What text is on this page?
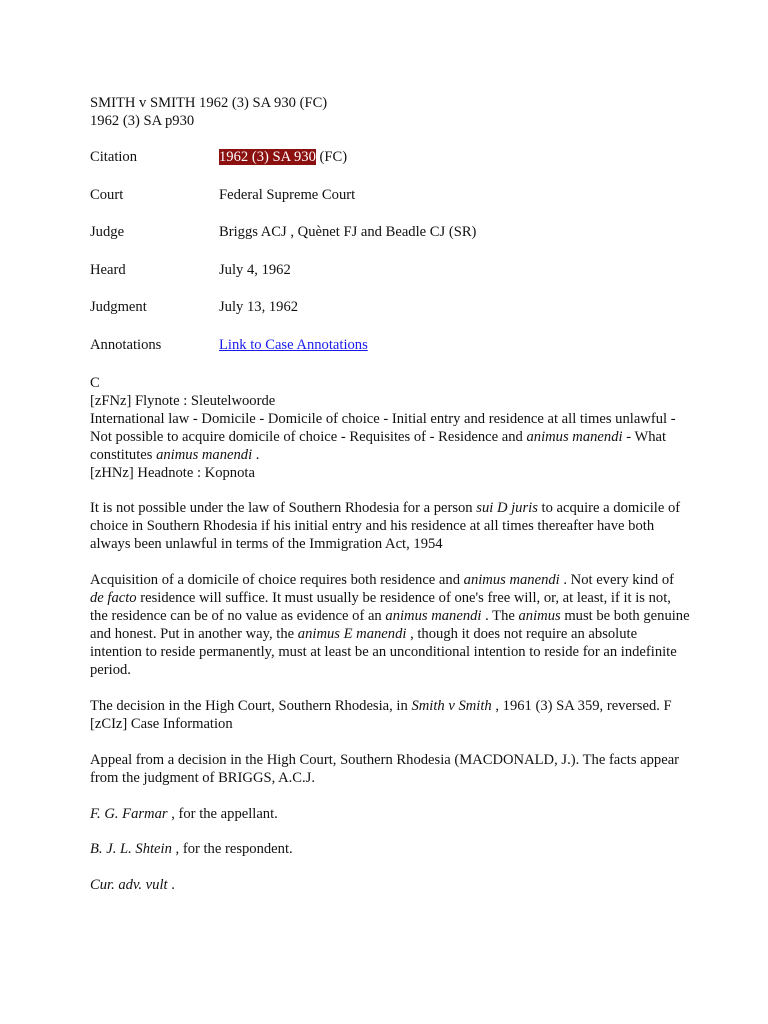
SMITH v SMITH 1962 (3) SA 930 (FC)

1962 (3) SA p930

Citation	1962 (3) SA 930 (FC)
Court	Federal Supreme Court
Judge	Briggs ACJ , Quènet FJ and Beadle CJ (SR)
Heard	July 4, 1962
Judgment	July 13, 1962
Annotations	Link to Case Annotations

C

[zFNz] Flynote : Sleutelwoorde

International law - Domicile - Domicile of choice - Initial entry and residence at all times unlawful - Not possible to acquire domicile of choice - Requisites of - Residence and animus manendi - What constitutes animus manendi .

[zHNz] Headnote : Kopnota

It is not possible under the law of Southern Rhodesia for a person sui D juris to acquire a domicile of choice in Southern Rhodesia if his initial entry and his residence at all times thereafter have both always been unlawful in terms of the Immigration Act, 1954

Acquisition of a domicile of choice requires both residence and animus manendi . Not every kind of de facto residence will suffice. It must usually be residence of one's free will, or, at least, if it is not, the residence can be of no value as evidence of an animus manendi . The animus must be both genuine and honest. Put in another way, the animus E manendi , though it does not require an absolute intention to reside permanently, must at least be an unconditional intention to reside for an indefinite period.

The decision in the High Court, Southern Rhodesia, in Smith v Smith , 1961 (3) SA 359, reversed. F

[zCIz] Case Information

Appeal from a decision in the High Court, Southern Rhodesia (MACDONALD, J.). The facts appear from the judgment of BRIGGS, A.C.J.

F. G. Farmar , for the appellant.

B. J. L. Shtein , for the respondent.

Cur. adv. vult .
